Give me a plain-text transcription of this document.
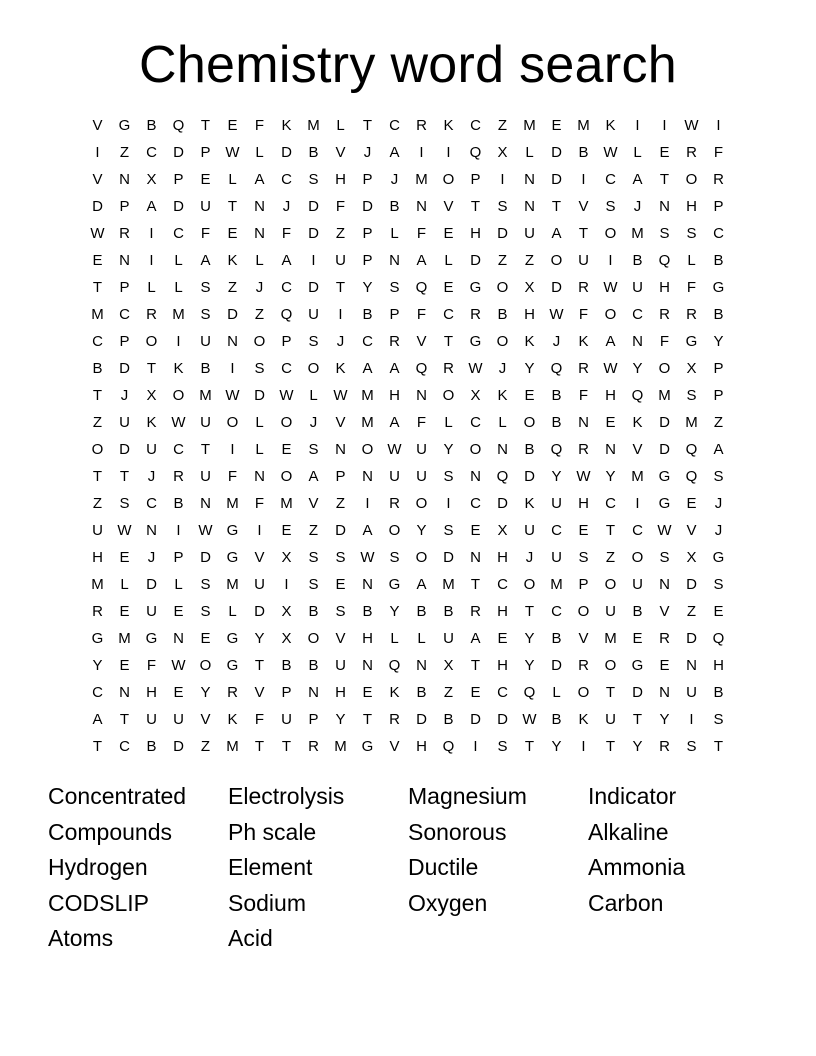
Chemistry word search
V	G	B	Q	T	E	F	K	M	L	T	C	R	K	C	Z	M	E	M	K	I	I	W	I
I	Z	C	D	P W	L	D	B	V	J	A	I	I	Q	X	L	D	B W	L	E	R	F
V	N	X	P	E	L	A	C	S	H	P	J	M O	P	I	N	D	I	C	A	T	O	R
D	P	A	D	U	T	N	J	D	F	D	B	N	V	T	S	N	T	V	S	J	N	H	P
W R	I	C	F	E	N	F	D	Z	P	L	F	E	H	D	U	A	T	O M	S	S	C
E	N	I	L	A	K	L	A	I	U	P	N	A	L	D	Z	Z	O	U	I	B	Q	L	B
T	P	L	L	S	Z	J	C	D	T	Y	S	Q	E	G	O	X	D	R W U	H	F	G
M	C	R	M	S	D	Z	Q	U	I	B	P	F	C	R	B	H W	F	O	C	R	R	B
C	P	O	I	U	N	O	P	S	J	C	R	V	T	G	O	K	J	K	A	N	F	G	Y
B	D	T	K	B	I	S	C	O	K	A	A	Q	R W	J	Y	Q	R W Y	O	X	P
T	J	X	O M W D W	L	W M	H	N	O	X	K	E	B	F	H	Q M	S	P
Z	U	K W U	O	L	O	J	V	M	A	F	L	C	L	O	B	N	E	K	D	M	Z
O	D	U	C	T	I	L	E	S	N	O W U	Y	O	N	B	Q	R	N	V	D	Q	A
T	T	J	R	U	F	N	O	A	P	N	U	U	S	N	Q	D	Y W Y	M G	Q	S
Z	S	C	B	N	M	F	M	V	Z	I	R	O	I	C	D	K	U	H	C	I	G	E	J
U W N	I	W G	I	E	Z	D	A	O	Y	S	E	X	U	C	E	T	C W V	J
H	E	J	P	D	G	V	X	S	S W S	O	D	N	H	J	U	S	Z	O	S	X	G
M	L	D	L	S	M	U	I	S	E	N	G	A	M	T	C	O M	P	O	U	N	D	S
R	E	U	E	S	L	D	X	B	S	B	Y	B	B	R	H	T	C	O	U	B	V	Z	E
G M G	N	E	G	Y	X	O	V	H	L	L	U	A	E	Y	B	V	M	E	R	D	Q
Y	E	F	W O	G	T	B	B	U	N	Q	N	X	T	H	Y	D	R	O	G	E	N	H
C	N	H	E	Y	R	V	P	N	H	E	K	B	Z	E	C	Q	L	O	T	D	N	U	B
A	T	U	U	V	K	F	U	P	Y	T	R	D	B	D	D W B	K	U	T	Y	I	S
T	C	B	D	Z	M	T	T	R	M G	V	H	Q	I	S	T	Y	I	T	Y	R	S	T
Concentrated	Electrolysis	Magnesium	Indicator
Compounds	Ph scale	Sonorous	Alkaline
Hydrogen	Element	Ductile	Ammonia
CODSLIP	Sodium	Oxygen	Carbon
Atoms	Acid
